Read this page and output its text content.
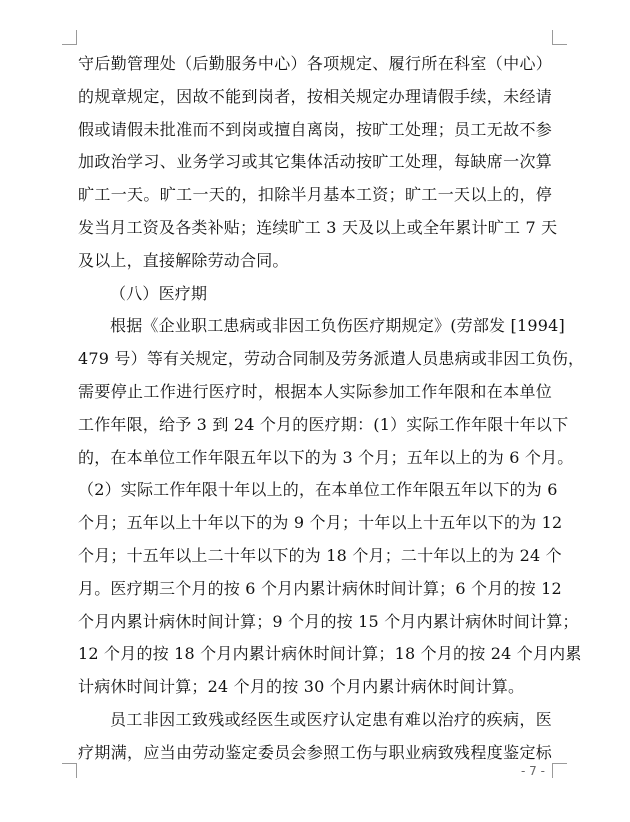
守后勤管理处（后勤服务中心）各项规定、履行所在科室（中心）
的规章规定，因故不能到岗者，按相关规定办理请假手续，未经请
假或请假未批准而不到岗或擅自离岗，按旷工处理；员工无故不参
加政治学习、业务学习或其它集体活动按旷工处理，每缺席一次算
旷工一天。旷工一天的，扣除半月基本工资；旷工一天以上的，停
发当月工资及各类补贴；连续旷工 3 天及以上或全年累计旷工 7 天
及以上，直接解除劳动合同。
（八）医疗期
根据《企业职工患病或非因工负伤医疗期规定》(劳部发 [1994]
479 号）等有关规定，劳动合同制及劳务派遣人员患病或非因工负伤，
需要停止工作进行医疗时，根据本人实际参加工作年限和在本单位
工作年限，给予 3 到 24 个月的医疗期：(1）实际工作年限十年以下
的，在本单位工作年限五年以下的为 3 个月；五年以上的为 6 个月。
（2）实际工作年限十年以上的，在本单位工作年限五年以下的为 6
个月；五年以上十年以下的为 9 个月；十年以上十五年以下的为 12
个月；十五年以上二十年以下的为 18 个月；二十年以上的为 24 个
月。医疗期三个月的按 6 个月内累计病休时间计算；6 个月的按 12
个月内累计病休时间计算；9 个月的按 15 个月内累计病休时间计算；
12 个月的按 18 个月内累计病休时间计算；18 个月的按 24 个月内累
计病休时间计算；24 个月的按 30 个月内累计病休时间计算。
员工非因工致残或经医生或医疗认定患有难以治疗的疾病，医
疗期满，应当由劳动鉴定委员会参照工伤与职业病致残程度鉴定标
- 7 -
